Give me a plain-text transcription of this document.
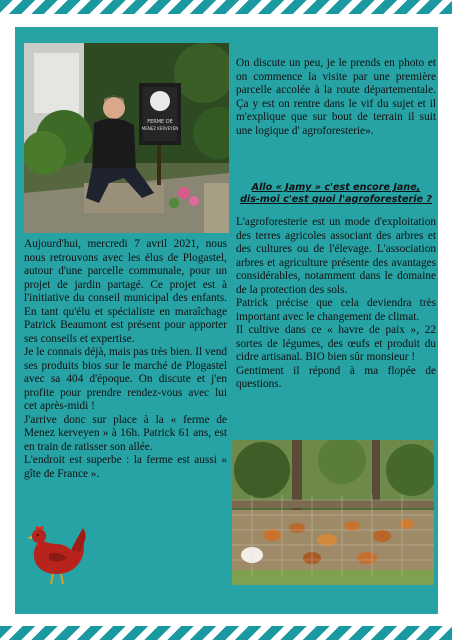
FERME DE
MENEZ KERVEYEN

Aujourd'hui, mercredi 7 avril 2021, nous nous retrouvons avec les élus de Plogastel, autour d'une parcelle communale, pour un projet de jardin partagé. Ce projet est à l'initiative du conseil municipal des enfants. En tant qu'élu et spécialiste en maraîchage Patrick Beaumont est présent pour apporter ses conseils et expertise.

Je le connais déjà, mais pas très bien. Il vend ses produits bios sur le marché de Plogastel avec sa 404 d'époque. On discute et j'en profite pour prendre rendez-vous avec lui cet après-midi !

J'arrive donc sur place à la « ferme de Menez kerveyen » à 16h. Patrick 61 ans, est en train de ratisser son allée.

L'endroit est superbe : la ferme est aussi « gîte de France ».

On discute un peu, je le prends en photo et on commence la visite par une première parcelle accolée à la route départementale. Ça y est on rentre dans le vif du sujet et il m'explique que sur bout de terrain il suit une logique d' agroforesterie».

Allo « Jamy » c'est encore Jane,
dis-moi c'est quoi l'agroforesterie ?

L'agroforesterie est un mode d'exploitation des terres agricoles associant des arbres et des cultures ou de l'élevage. L'association arbres et agriculture présente des avantages considérables, notamment dans le domaine de la protection des sols.

Patrick précise que cela deviendra très important avec le changement de climat.

Il cultive dans ce « havre de paix », 22 sortes de légumes, des œufs et produit du cidre artisanal. BIO bien sûr monsieur !

Gentiment il répond à ma flopée de questions.
